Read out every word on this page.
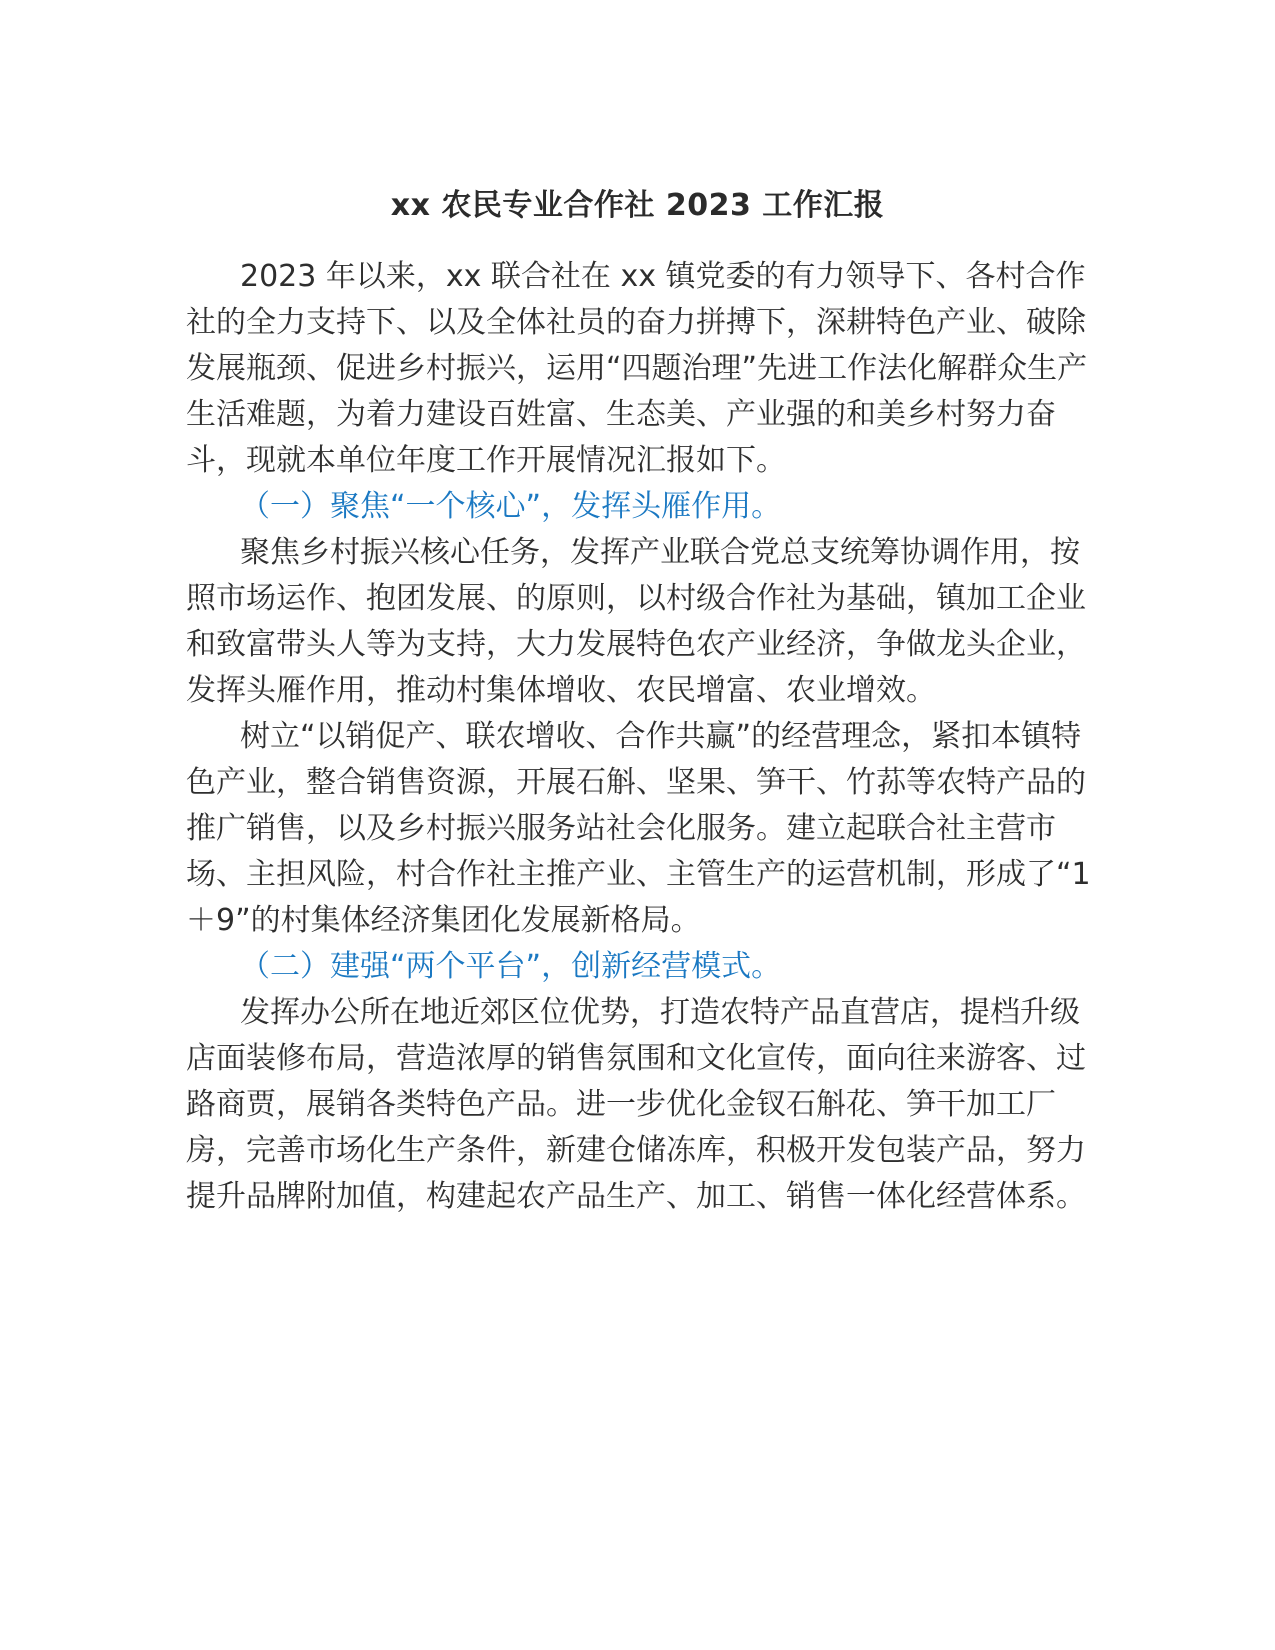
xx 农民专业合作社 2023 工作汇报

2023 年以来，xx 联合社在 xx 镇党委的有力领导下、各村合作社的全力支持下、以及全体社员的奋力拼搏下，深耕特色产业、破除发展瓶颈、促进乡村振兴，运用“四题治理”先进工作法化解群众生产生活难题，为着力建设百姓富、生态美、产业强的和美乡村努力奋斗，现就本单位年度工作开展情况汇报如下。

（一）聚焦“一个核心”，发挥头雁作用。

聚焦乡村振兴核心任务，发挥产业联合党总支统筹协调作用，按照市场运作、抱团发展、的原则，以村级合作社为基础，镇加工企业和致富带头人等为支持，大力发展特色农产业经济，争做龙头企业，发挥头雁作用，推动村集体增收、农民增富、农业增效。

树立“以销促产、联农增收、合作共赢”的经营理念，紧扣本镇特色产业，整合销售资源，开展石斛、坚果、笋干、竹荪等农特产品的推广销售，以及乡村振兴服务站社会化服务。建立起联合社主营市场、主担风险，村合作社主推产业、主管生产的运营机制，形成了“1＋9”的村集体经济集团化发展新格局。

（二）建强“两个平台”，创新经营模式。

发挥办公所在地近郊区位优势，打造农特产品直营店，提档升级店面装修布局，营造浓厚的销售氛围和文化宣传，面向往来游客、过路商贾，展销各类特色产品。进一步优化金钗石斛花、笋干加工厂房，完善市场化生产条件，新建仓储冻库，积极开发包装产品，努力提升品牌附加值，构建起农产品生产、加工、销售一体化经营体系。
